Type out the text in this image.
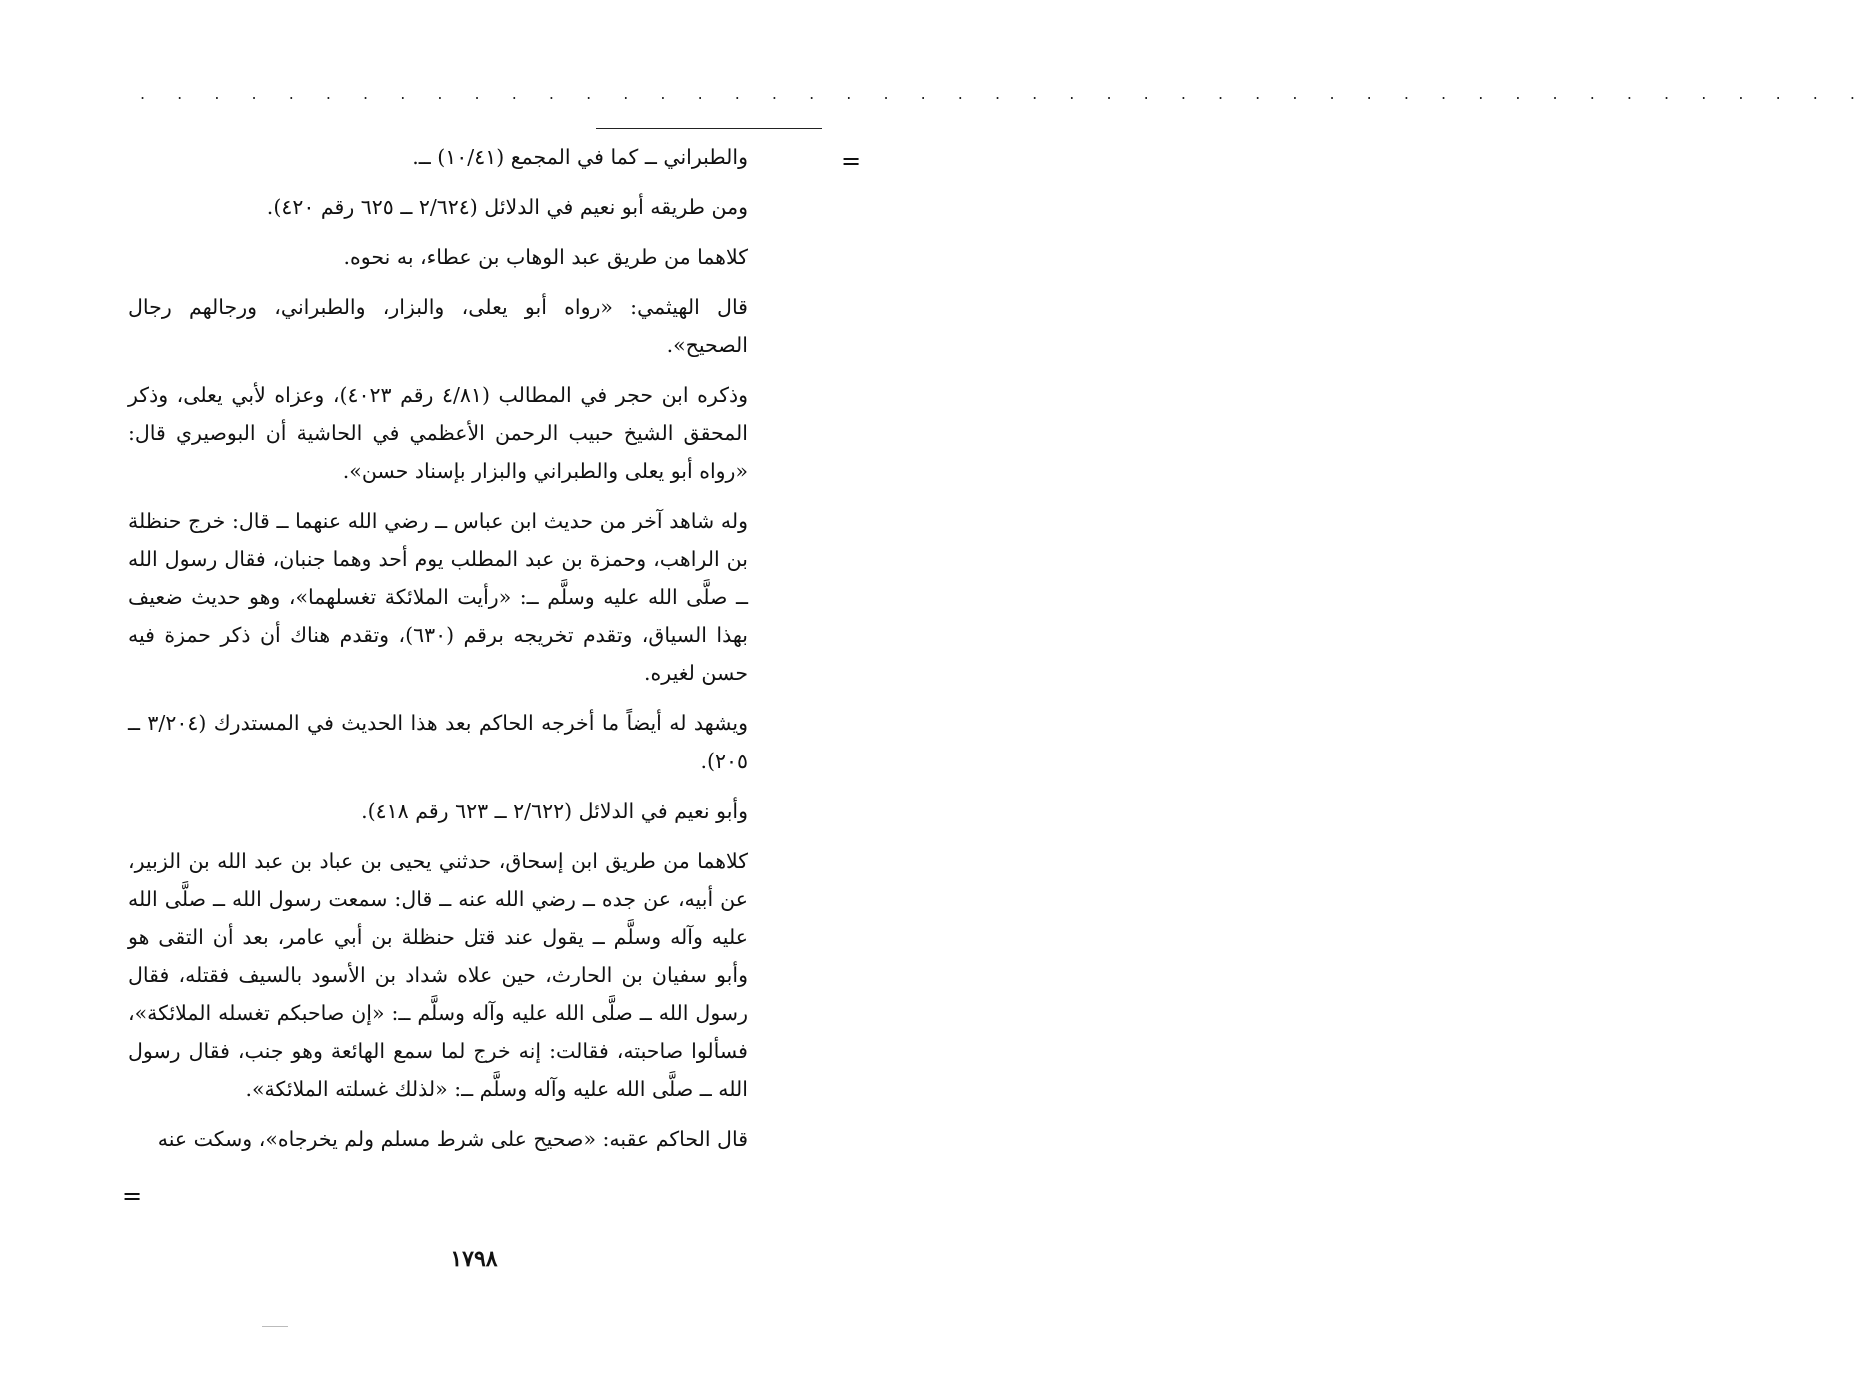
. . . . . . . . . . . . . . . . . . . . . . . . . . . . . . . . . . . . . . . . . . . . . . .
=

والطبراني ــ كما في المجمع (١٠/٤١) ــ.

ومن طريقه أبو نعيم في الدلائل (٢/٦٢٤ ــ ٦٢٥ رقم ٤٢٠).

كلاهما من طريق عبد الوهاب بن عطاء، به نحوه.

قال الهيثمي: «رواه أبو يعلى، والبزار، والطبراني، ورجالهم رجال الصحيح».

وذكره ابن حجر في المطالب (٤/٨١ رقم ٤٠٢٣)، وعزاه لأبي يعلى، وذكر المحقق الشيخ حبيب الرحمن الأعظمي في الحاشية أن البوصيري قال: «رواه أبو يعلى والطبراني والبزار بإسناد حسن».

وله شاهد آخر من حديث ابن عباس ــ رضي الله عنهما ــ قال: خرج حنظلة بن الراهب، وحمزة بن عبد المطلب يوم أحد وهما جنبان، فقال رسول الله ــ صلَّى الله عليه وسلَّم ــ: «رأيت الملائكة تغسلهما»، وهو حديث ضعيف بهذا السياق، وتقدم تخريجه برقم (٦٣٠)، وتقدم هناك أن ذكر حمزة فيه حسن لغيره.

ويشهد له أيضاً ما أخرجه الحاكم بعد هذا الحديث في المستدرك (٣/٢٠٤ ــ ٢٠٥).

وأبو نعيم في الدلائل (٢/٦٢٢ ــ ٦٢٣ رقم ٤١٨).

كلاهما من طريق ابن إسحاق، حدثني يحيى بن عباد بن عبد الله بن الزبير، عن أبيه، عن جده ــ رضي الله عنه ــ قال: سمعت رسول الله ــ صلَّى الله عليه وآله وسلَّم ــ يقول عند قتل حنظلة بن أبي عامر، بعد أن التقى هو وأبو سفيان بن الحارث، حين علاه شداد بن الأسود بالسيف فقتله، فقال رسول الله ــ صلَّى الله عليه وآله وسلَّم ــ: «إن صاحبكم تغسله الملائكة»، فسألوا صاحبته، فقالت: إنه خرج لما سمع الهائعة وهو جنب، فقال رسول الله ــ صلَّى الله عليه وآله وسلَّم ــ: «لذلك غسلته الملائكة».

قال الحاكم عقبه: «صحيح على شرط مسلم ولم يخرجاه»، وسكت عنه

=
١٧٩٨
